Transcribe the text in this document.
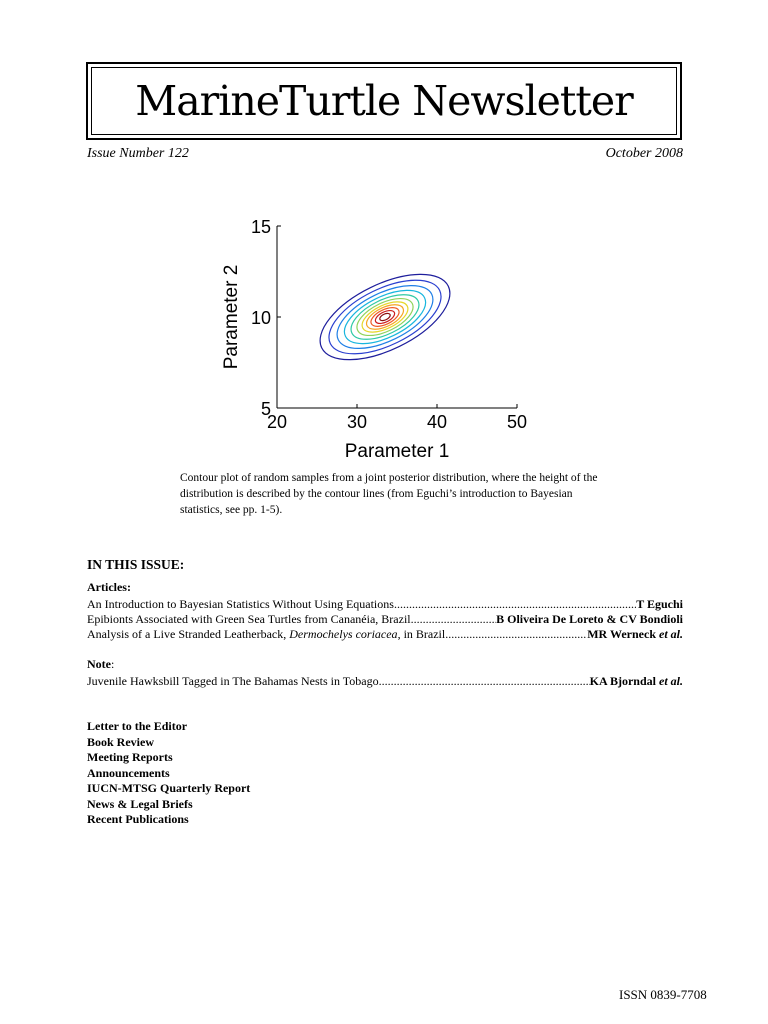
MarineTurtle Newsletter
Issue Number 122	October 2008
20	30	40	50
5
10
15
Parameter 1
Parameter 2
Contour plot of random samples from a joint posterior distribution, where the height of the distribution is described by the contour lines (from Eguchi’s introduction to Bayesian statistics, see pp. 1-5).
IN THIS ISSUE:
Articles:
An Introduction to Bayesian Statistics Without Using Equations .....	T Eguchi
Epibionts Associated with Green Sea Turtles from Cananéia, Brazil .....	B Oliveira De Loreto & CV Bondioli
Analysis of a Live Stranded Leatherback, Dermochelys coriacea, in Brazil .....	MR Werneck et al.
Note:
Juvenile Hawksbill Tagged in The Bahamas Nests in Tobago .....	KA Bjorndal et al.
Letter to the Editor
Book Review
Meeting Reports
Announcements
IUCN-MTSG Quarterly Report
News & Legal Briefs
Recent Publications
ISSN 0839-7708
